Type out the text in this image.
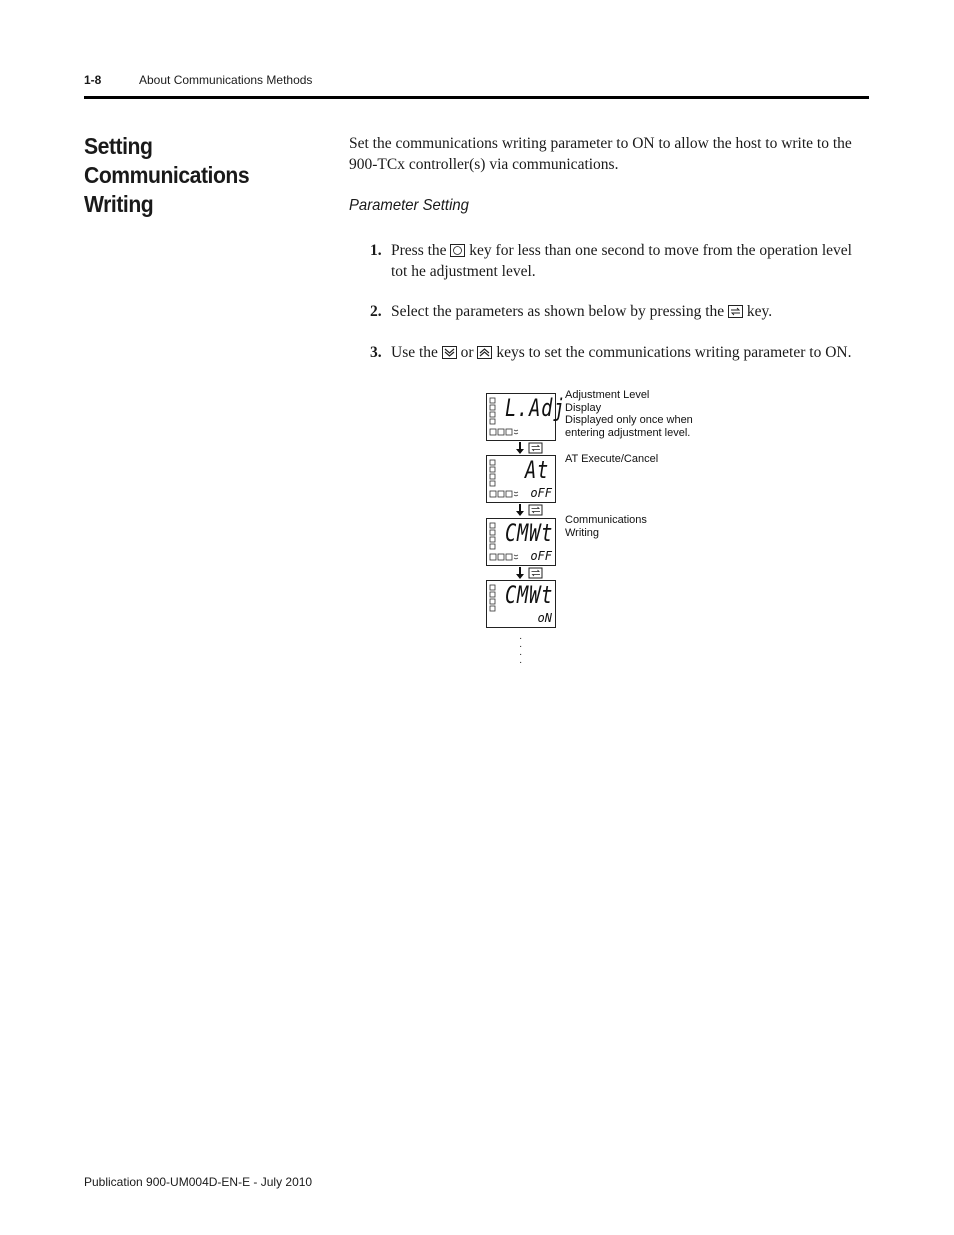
1-8	About Communications Methods
Setting Communications Writing
Set the communications writing parameter to ON to allow the host to write to the 900-TCx controller(s) via communications.
Parameter Setting
1. Press the key for less than one second to move from the operation level tot he adjustment level.
2. Select the parameters as shown below by pressing the key.
3. Use the or keys to set the communications writing parameter to ON.
L.Adj Adjustment Level
Display
Displayed only once when
entering adjustment level.
At
oFF
AT Execute/Cancel
CMWt
oFF
Communications
Writing
CMWt
oN
·
·
·
·
Publication 900-UM004D-EN-E - July 2010
